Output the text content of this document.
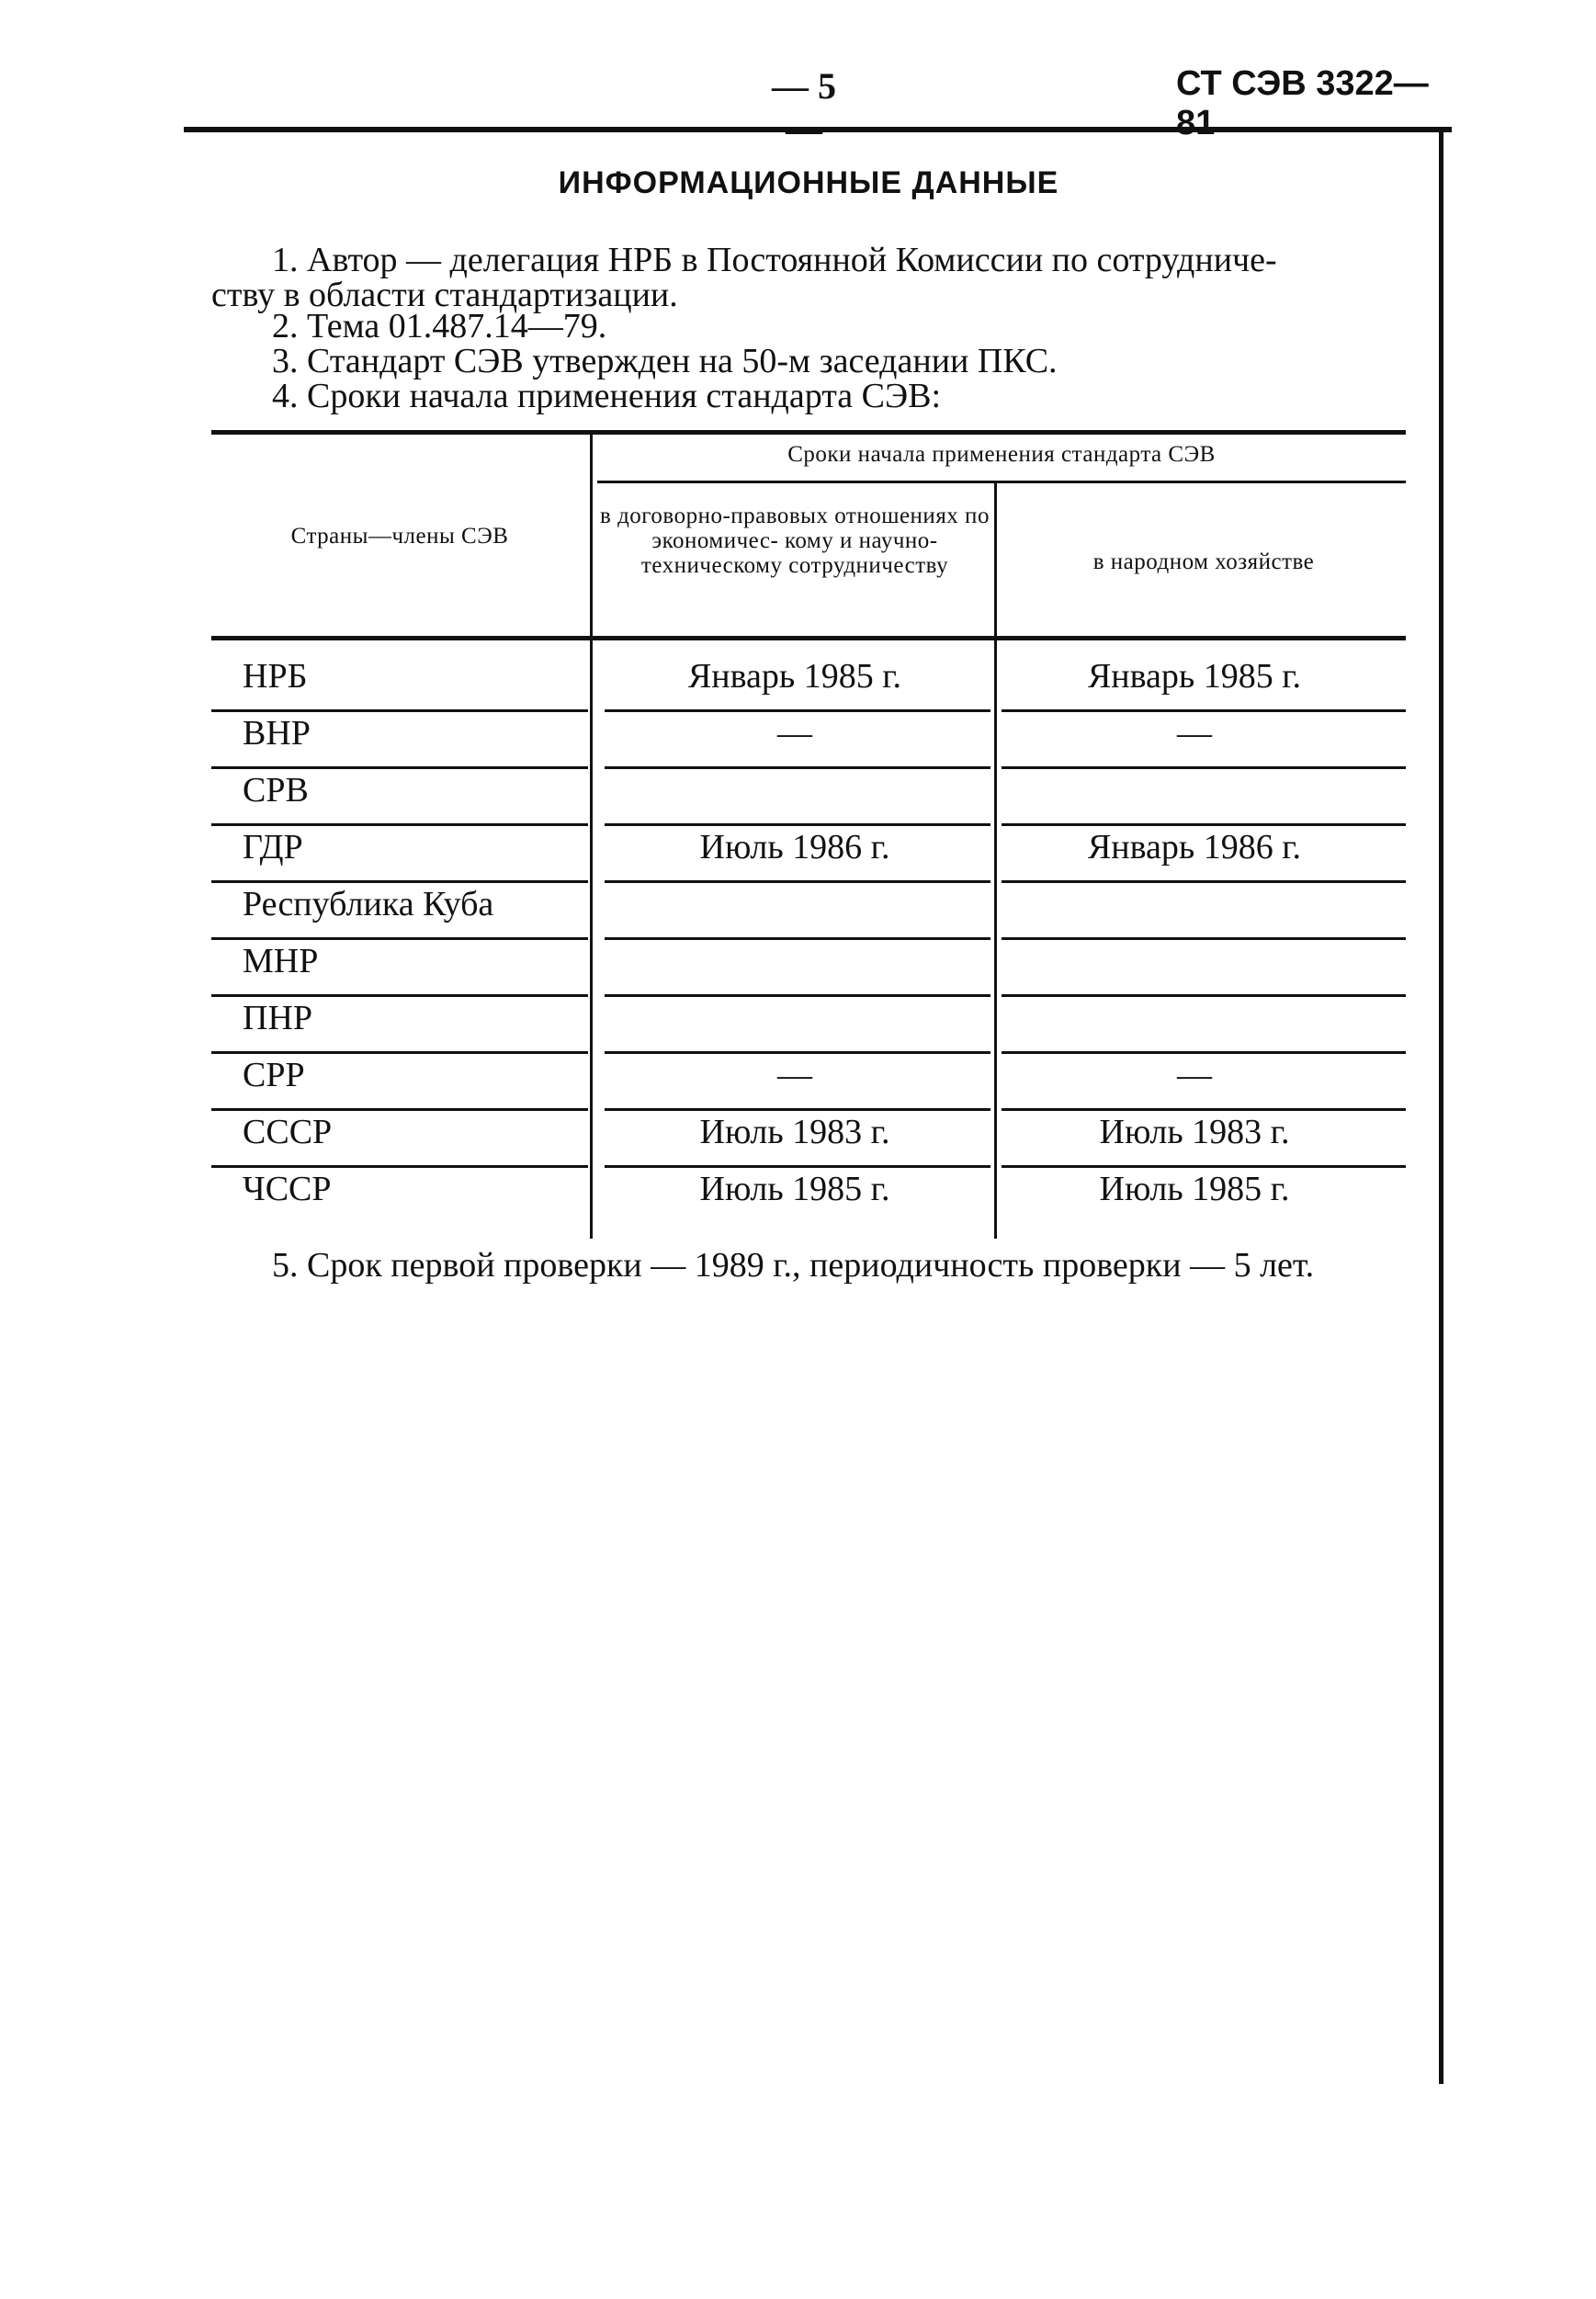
— 5 —
СТ СЭВ 3322—81
ИНФОРМАЦИОННЫЕ ДАННЫЕ
1. Автор — делегация НРБ в Постоянной Комиссии по сотрудниче-
ству в области стандартизации.
2. Тема 01.487.14—79.
3. Стандарт СЭВ утвержден на 50-м заседании ПКС.
4. Сроки начала применения стандарта СЭВ:
Сроки начала применения стандарта СЭВ
Страны—члены СЭВ
в договорно-правовых отношениях по экономичес- кому и научно-техническому сотрудничеству	в народном хозяйстве
НРБ	Январь 1985 г.	Январь 1985 г.
ВНР	—	—
СРВ
ГДР	Июль 1986 г.	Январь 1986 г.
Республика Куба
МНР
ПНР
СРР	—	—
СССР	Июль 1983 г.	Июль 1983 г.
ЧССР	Июль 1985 г.	Июль 1985 г.
5. Срок первой проверки — 1989 г., периодичность проверки — 5 лет.
